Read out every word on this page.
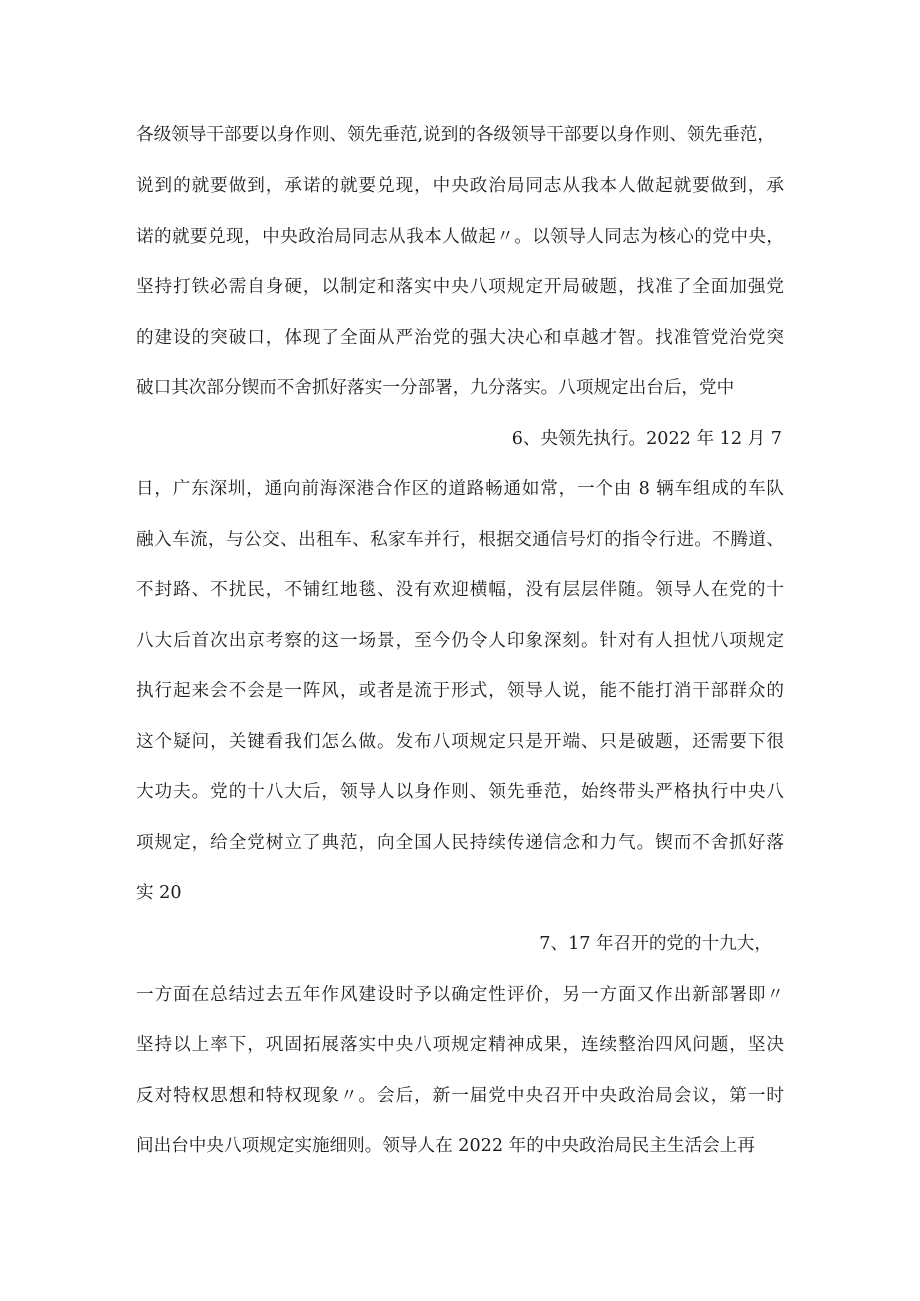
各级领导干部要以身作则、领先垂范,说到的各级领导干部要以身作则、领先垂范，
说到的就要做到，承诺的就要兑现，中央政治局同志从我本人做起就要做到，承
诺的就要兑现，中央政治局同志从我本人做起〃。以领导人同志为核心的党中央，
坚持打铁必需自身硬，以制定和落实中央八项规定开局破题，找准了全面加强党
的建设的突破口，体现了全面从严治党的强大决心和卓越才智。找准管党治党突
破口其次部分锲而不舍抓好落实一分部署，九分落实。八项规定出台后，党中
6、央领先执行。2022 年 12 月 7
日，广东深圳，通向前海深港合作区的道路畅通如常，一个由 8 辆车组成的车队
融入车流，与公交、出租车、私家车并行，根据交通信号灯的指令行进。不腾道、
不封路、不扰民，不铺红地毯、没有欢迎横幅，没有层层伴随。领导人在党的十
八大后首次出京考察的这一场景，至今仍令人印象深刻。针对有人担忧八项规定
执行起来会不会是一阵风，或者是流于形式，领导人说，能不能打消干部群众的
这个疑问，关键看我们怎么做。发布八项规定只是开端、只是破题，还需要下很
大功夫。党的十八大后，领导人以身作则、领先垂范，始终带头严格执行中央八
项规定，给全党树立了典范，向全国人民持续传递信念和力气。锲而不舍抓好落
实 20
7、17 年召开的党的十九大，
一方面在总结过去五年作风建设时予以确定性评价，另一方面又作出新部署即〃
坚持以上率下，巩固拓展落实中央八项规定精神成果，连续整治四风问题，坚决
反对特权思想和特权现象〃。会后，新一届党中央召开中央政治局会议，第一时
间出台中央八项规定实施细则。领导人在 2022 年的中央政治局民主生活会上再
